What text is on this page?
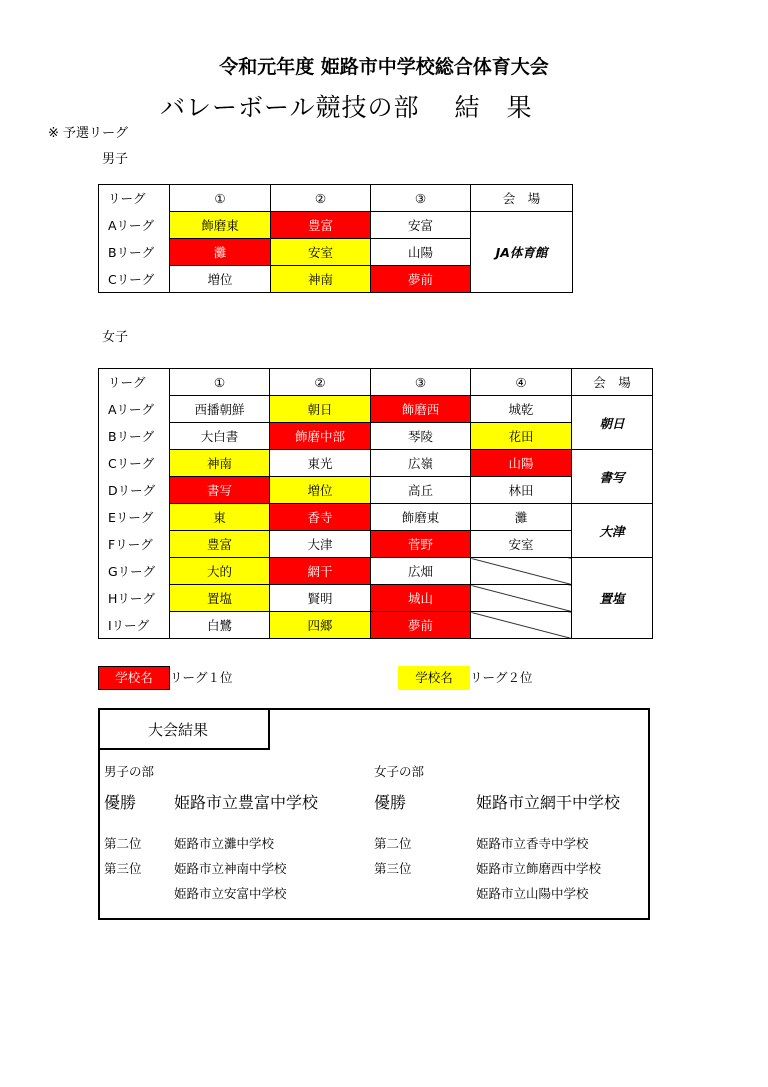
令和元年度 姫路市中学校総合体育大会
バレーボール競技の部　 結　果
※ 予選リーグ
男子
リーグ	①	②	③	会　場
Aリーグ	飾磨東	豊富	安富	JA体育館
Bリーグ	灘	安室	山陽	
Cリーグ	増位	神南	夢前	
女子
リーグ	①	②	③	④	会　場
Aリーグ	西播朝鮮	朝日	飾磨西	城乾	朝日
Bリーグ	大白書	飾磨中部	琴陵	花田	
Cリーグ	神南	東光	広嶺	山陽	書写
Dリーグ	書写	増位	高丘	林田	
Eリーグ	東	香寺	飾磨東	灘	大津
Fリーグ	豊富	大津	菅野	安室	
Gリーグ	大的	網干	広畑		置塩
Hリーグ	置塩	賢明	城山		
Iリーグ	白鷺	四郷	夢前		
学校名 リーグ１位	学校名 リーグ２位
大会結果
男子の部
優勝 姫路市立豊富中学校
第二位	姫路市立灘中学校
第三位	姫路市立神南中学校
姫路市立安富中学校
女子の部
優勝	姫路市立網干中学校
第二位	姫路市立香寺中学校
第三位	姫路市立飾磨西中学校
姫路市立山陽中学校
